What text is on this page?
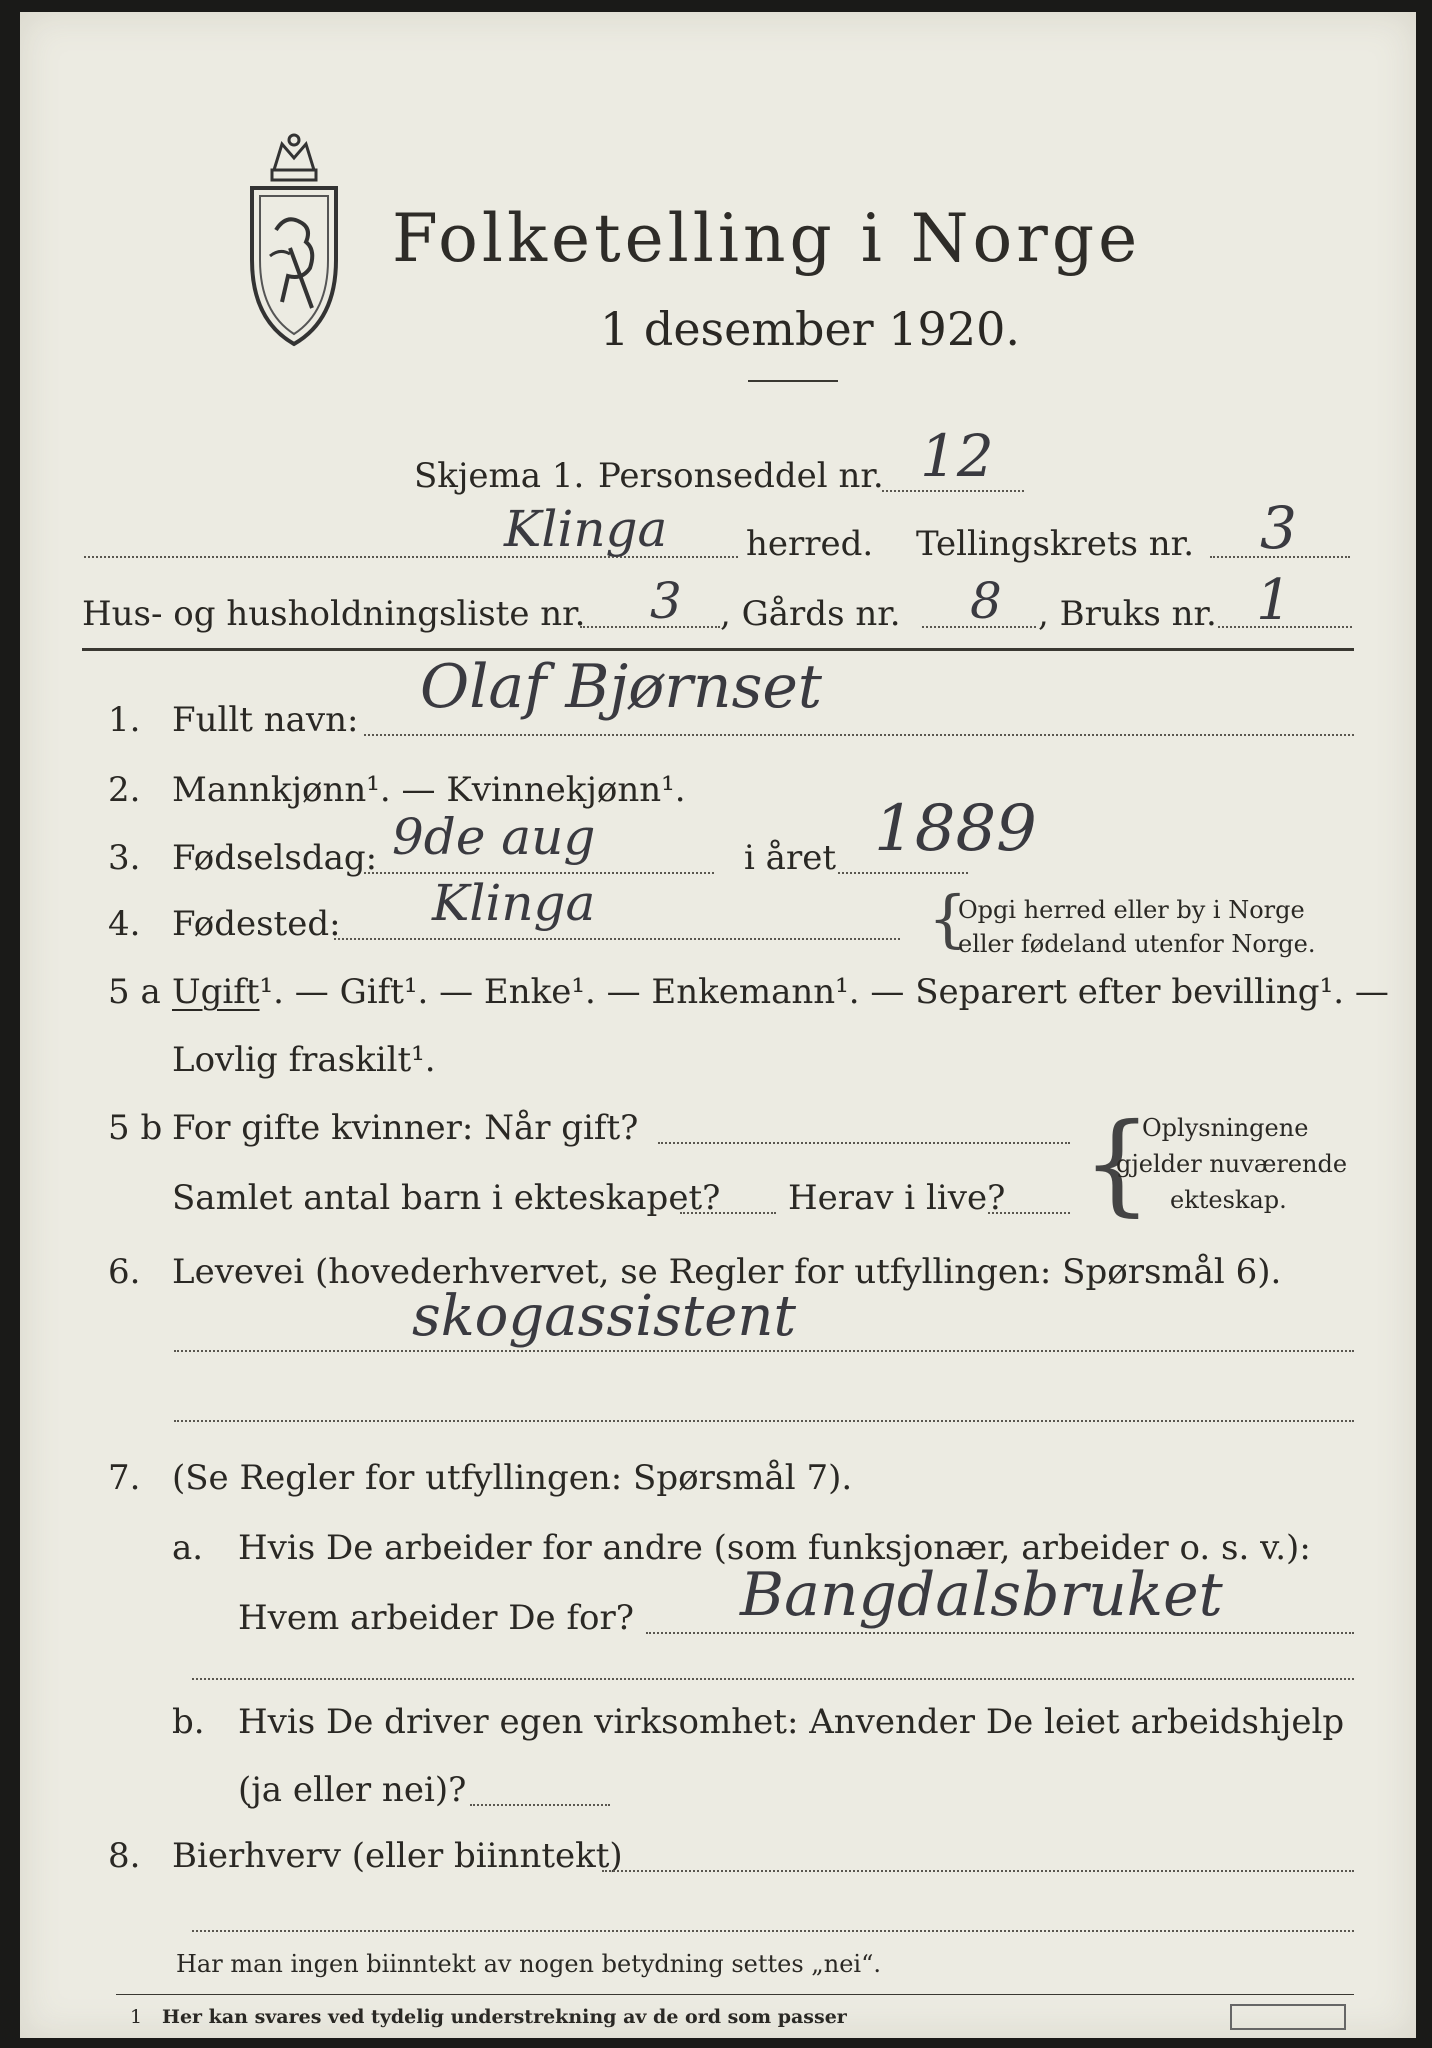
Folketelling i Norge
1 desember 1920.
Skjema 1. Personseddel nr. 12
Klinga herred. Tellingskrets nr. 3
Hus- og husholdningsliste nr. 3 , Gårds nr. 8 , Bruks nr. 1
1. Fullt navn: Olaf Bjørnset
2. Mannkjønn¹. — Kvinnekjønn¹.
3. Fødselsdag: 9de aug	i året 1889
4. Fødested: Klinga	{
Opgi herred eller by i Norge
eller fødeland utenfor Norge.
5 a Ugift¹. — Gift¹. — Enke¹. — Enkemann¹. — Separert efter bevilling¹. —
Lovlig fraskilt¹.
5 b For gifte kvinner: Når gift?
Samlet antal barn i ekteskapet? Herav i live? {
Oplysningene
gjelder nuværende
ekteskap.
6. Levevei (hovederhvervet, se Regler for utfyllingen: Spørsmål 6).
skogassistent
7. (Se Regler for utfyllingen: Spørsmål 7).
a. Hvis De arbeider for andre (som funksjonær, arbeider o. s. v.):
Hvem arbeider De for? Bangdalsbruket
b. Hvis De driver egen virksomhet: Anvender De leiet arbeidshjelp
(ja eller nei)?
8. Bierhverv (eller biinntekt)
Har man ingen biinntekt av nogen betydning settes „nei“.
1 Her kan svares ved tydelig understrekning av de ord som passer
